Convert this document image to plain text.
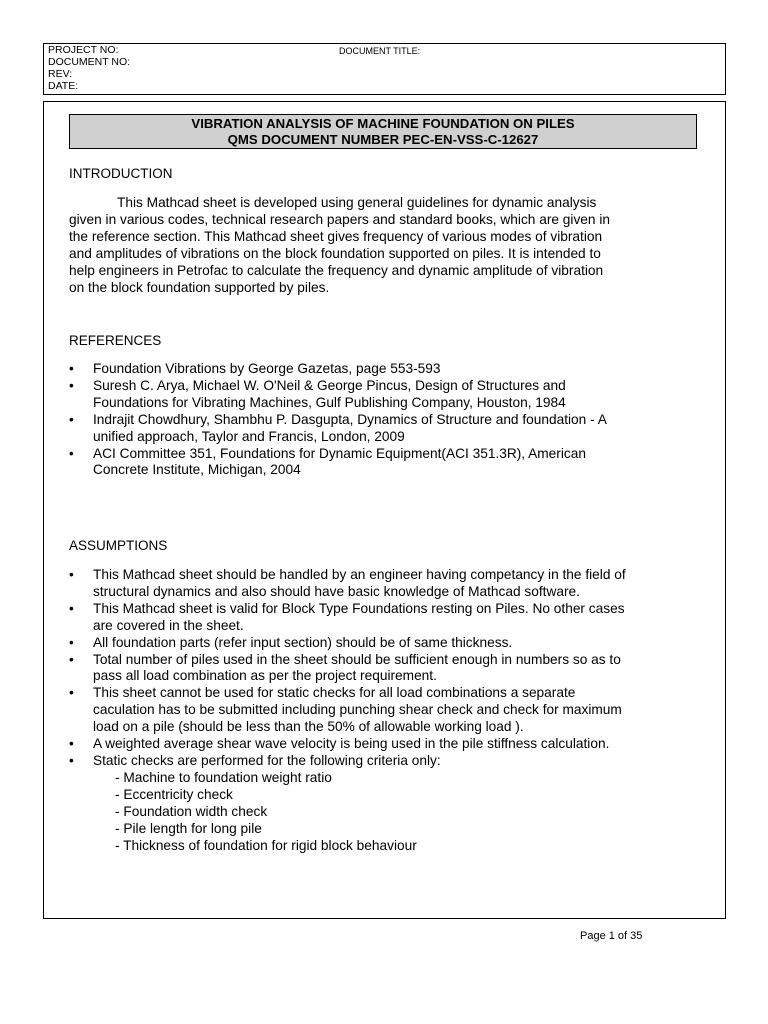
PROJECT NO:
DOCUMENT NO:
REV:
DATE:
DOCUMENT TITLE:
VIBRATION ANALYSIS OF MACHINE FOUNDATION ON PILES
QMS DOCUMENT NUMBER PEC-EN-VSS-C-12627
INTRODUCTION
This Mathcad sheet is developed using general guidelines for dynamic analysis
given in various codes, technical research papers and standard books, which are given in
the reference section. This Mathcad sheet gives frequency of various modes of vibration
and amplitudes of vibrations on the block foundation supported on piles. It is intended to
help engineers in Petrofac to calculate the frequency and dynamic amplitude of vibration
on the block foundation supported by piles.
REFERENCES
• Foundation Vibrations by George Gazetas, page 553-593
• Suresh C. Arya, Michael W. O'Neil & George Pincus, Design of Structures and
Foundations for Vibrating Machines, Gulf Publishing Company, Houston, 1984
• Indrajit Chowdhury, Shambhu P. Dasgupta, Dynamics of Structure and foundation - A
unified approach, Taylor and Francis, London, 2009
• ACI Committee 351, Foundations for Dynamic Equipment(ACI 351.3R), American
Concrete Institute, Michigan, 2004
ASSUMPTIONS
• This Mathcad sheet should be handled by an engineer having competancy in the field of
structural dynamics and also should have basic knowledge of Mathcad software.
• This Mathcad sheet is valid for Block Type Foundations resting on Piles. No other cases
are covered in the sheet.
• All foundation parts (refer input section) should be of same thickness.
• Total number of piles used in the sheet should be sufficient enough in numbers so as to
pass all load combination as per the project requirement.
• This sheet cannot be used for static checks for all load combinations a separate
caculation has to be submitted including punching shear check and check for maximum
load on a pile (should be less than the 50% of allowable working load ).
• A weighted average shear wave velocity is being used in the pile stiffness calculation.
• Static checks are performed for the following criteria only:
- Machine to foundation weight ratio
- Eccentricity check
- Foundation width check
- Pile length for long pile
- Thickness of foundation for rigid block behaviour
Page 1 of 35
